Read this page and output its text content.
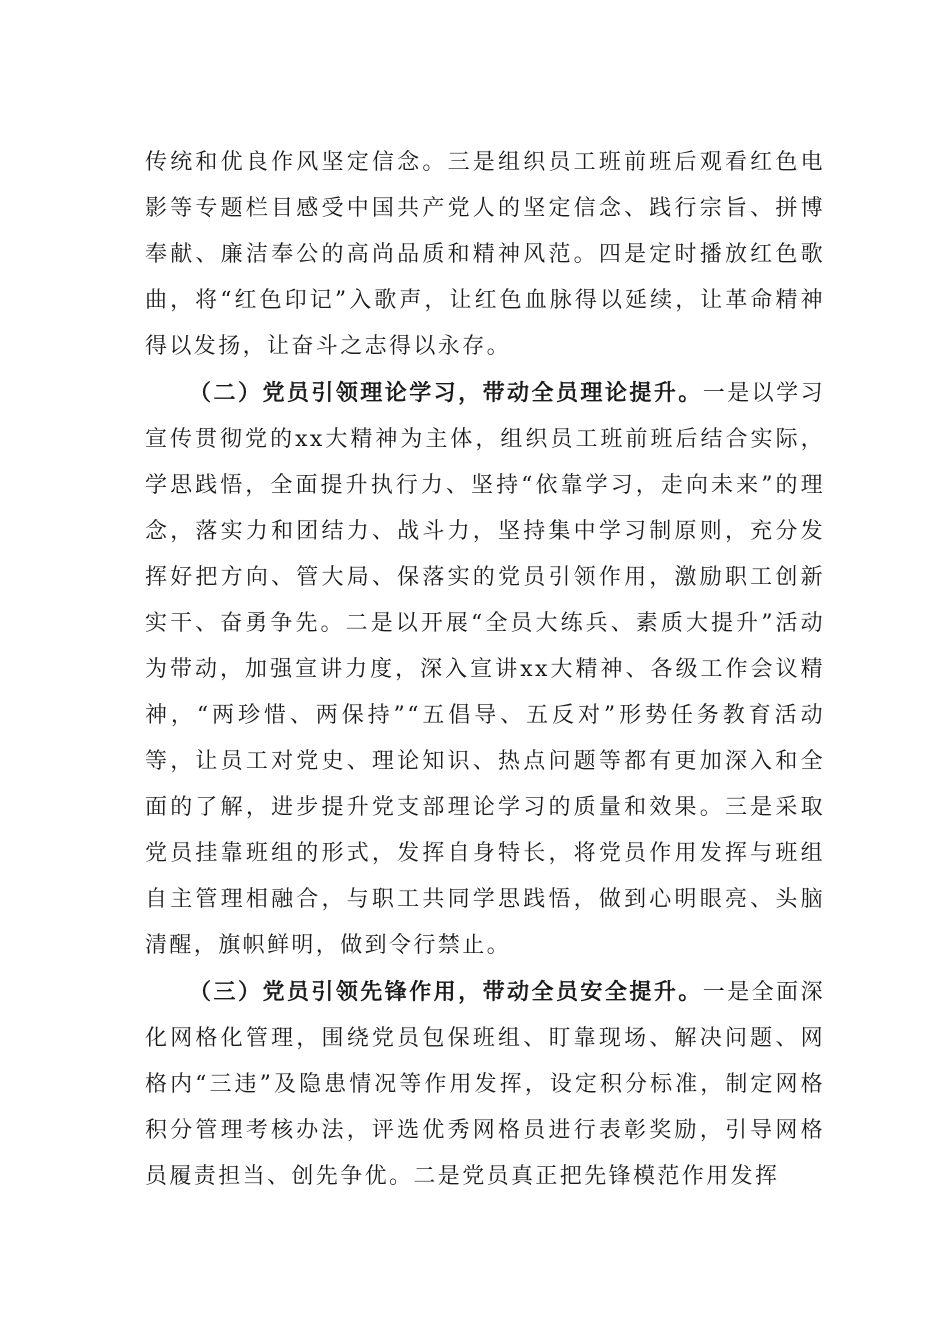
传统和优良作风坚定信念。三是组织员工班前班后观看红色电影等专题栏目感受中国共产党人的坚定信念、践行宗旨、拼博奉献、廉洁奉公的高尚品质和精神风范。四是定时播放红色歌曲，将“红色印记”入歌声，让红色血脉得以延续，让革命精神得以发扬，让奋斗之志得以永存。

（二）党员引领理论学习，带动全员理论提升。一是以学习宣传贯彻党的xx大精神为主体，组织员工班前班后结合实际，学思践悟，全面提升执行力、坚持“依靠学习，走向未来”的理念，落实力和团结力、战斗力，坚持集中学习制原则，充分发挥好把方向、管大局、保落实的党员引领作用，激励职工创新实干、奋勇争先。二是以开展“全员大练兵、素质大提升”活动为带动，加强宣讲力度，深入宣讲xx大精神、各级工作会议精神，“两珍惜、两保持”“五倡导、五反对”形势任务教育活动等，让员工对党史、理论知识、热点问题等都有更加深入和全面的了解，进步提升党支部理论学习的质量和效果。三是采取党员挂靠班组的形式，发挥自身特长，将党员作用发挥与班组自主管理相融合，与职工共同学思践悟，做到心明眼亮、头脑清醒，旗帜鲜明，做到令行禁止。

（三）党员引领先锋作用，带动全员安全提升。一是全面深化网格化管理，围绕党员包保班组、盯靠现场、解决问题、网格内“三违”及隐患情况等作用发挥，设定积分标准，制定网格积分管理考核办法，评选优秀网格员进行表彰奖励，引导网格员履责担当、创先争优。二是党员真正把先锋模范作用发挥
